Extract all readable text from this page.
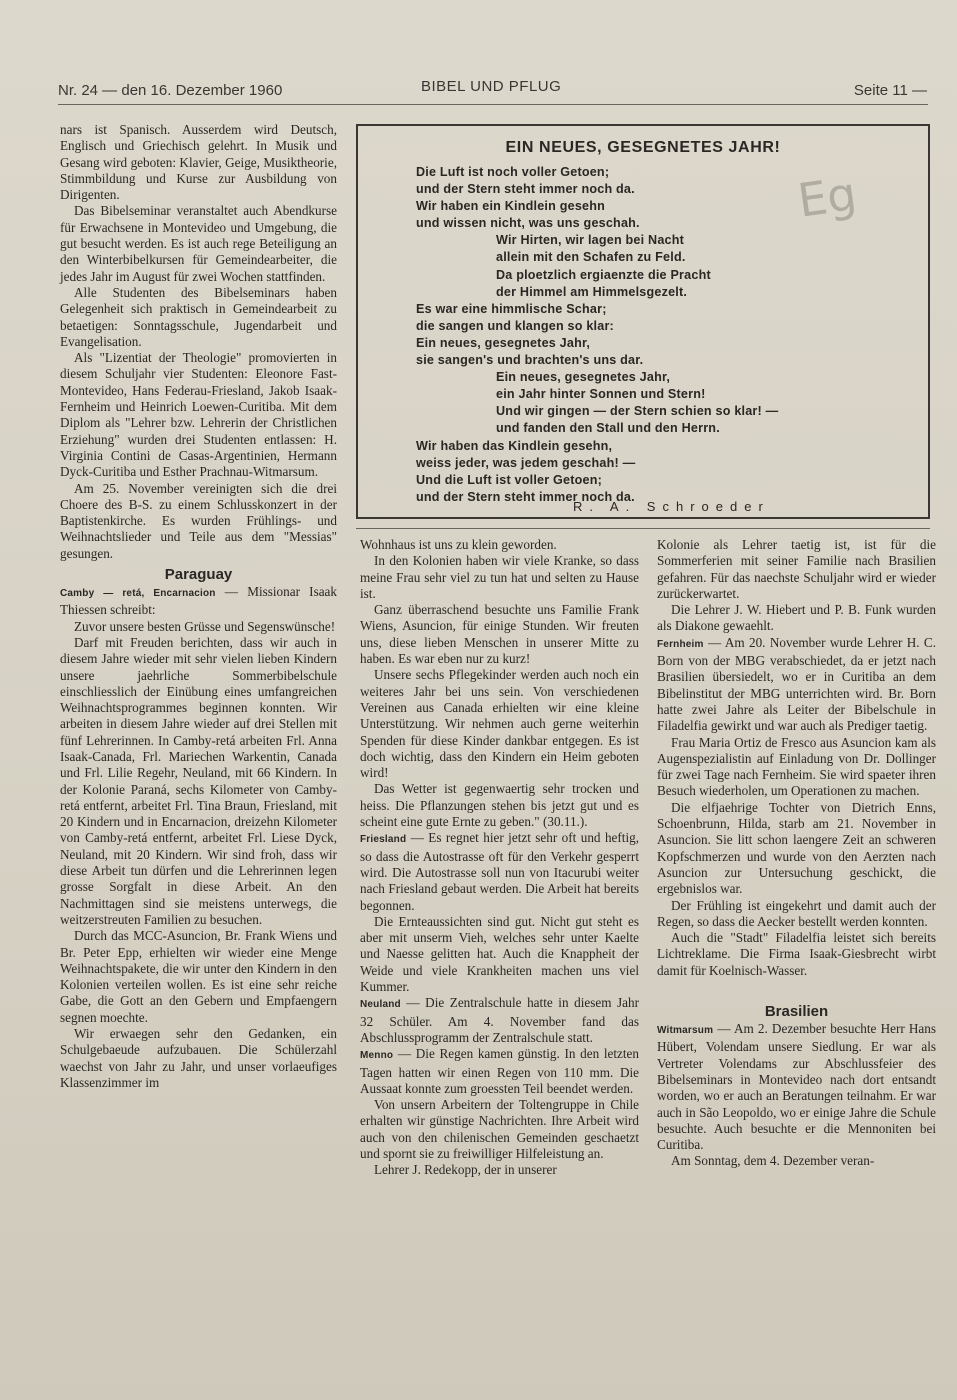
Nr. 24 — den 16. Dezember 1960	BIBEL UND PFLUG	Seite 11 —

nars ist Spanisch. Ausserdem wird Deutsch, Englisch und Griechisch gelehrt. In Musik und Gesang wird geboten: Klavier, Geige, Musiktheorie, Stimmbildung und Kurse zur Ausbildung von Dirigenten.

Das Bibelseminar veranstaltet auch Abendkurse für Erwachsene in Montevideo und Umgebung, die gut besucht werden. Es ist auch rege Beteiligung an den Winterbibelkursen für Gemeindearbeiter, die jedes Jahr im August für zwei Wochen stattfinden.

Alle Studenten des Bibelseminars haben Gelegenheit sich praktisch in Gemeindearbeit zu betaetigen: Sonntagsschule, Jugendarbeit und Evangelisation.

Als "Lizentiat der Theologie" promovierten in diesem Schuljahr vier Studenten: Eleonore Fast-Montevideo, Hans Federau-Friesland, Jakob Isaak-Fernheim und Heinrich Loewen-Curitiba. Mit dem Diplom als "Lehrer bzw. Lehrerin der Christlichen Erziehung" wurden drei Studenten entlassen: H. Virginia Contini de Casas-Argentinien, Hermann Dyck-Curitiba und Esther Prachnau-Witmarsum.

Am 25. November vereinigten sich die drei Choere des B-S. zu einem Schlusskonzert in der Baptistenkirche. Es wurden Frühlings- und Weihnachtslieder und Teile aus dem "Messias" gesungen.

Paraguay

Camby — retá, Encarnacion — Missionar Isaak Thiessen schreibt:

Zuvor unsere besten Grüsse und Segenswünsche!

Darf mit Freuden berichten, dass wir auch in diesem Jahre wieder mit sehr vielen lieben Kindern unsere jaehrliche Sommerbibelschule einschliesslich der Einübung eines umfangreichen Weihnachtsprogrammes beginnen konnten. Wir arbeiten in diesem Jahre wieder auf drei Stellen mit fünf Lehrerinnen. In Camby-retá arbeiten Frl. Anna Isaak-Canada, Frl. Mariechen Warkentin, Canada und Frl. Lilie Regehr, Neuland, mit 66 Kindern. In der Kolonie Paraná, sechs Kilometer von Camby-retá entfernt, arbeitet Frl. Tina Braun, Friesland, mit 20 Kindern und in Encarnacion, dreizehn Kilometer von Camby-retá entfernt, arbeitet Frl. Liese Dyck, Neuland, mit 20 Kindern. Wir sind froh, dass wir diese Arbeit tun dürfen und die Lehrerinnen legen grosse Sorgfalt in diese Arbeit. An den Nachmittagen sind sie meistens unterwegs, die weitzerstreuten Familien zu besuchen.

Durch das MCC-Asuncion, Br. Frank Wiens und Br. Peter Epp, erhielten wir wieder eine Menge Weihnachtspakete, die wir unter den Kindern in den Kolonien verteilen wollen. Es ist eine sehr reiche Gabe, die Gott an den Gebern und Empfaengern segnen moechte.

Wir erwaegen sehr den Gedanken, ein Schulgebaeude aufzubauen. Die Schülerzahl waechst von Jahr zu Jahr, und unser vorlaeufiges Klassenzimmer im

EIN NEUES, GESEGNETES JAHR!
Eg
Die Luft ist noch voller Getoen;
und der Stern steht immer noch da.
Wir haben ein Kindlein gesehn
und wissen nicht, was uns geschah.
Wir Hirten, wir lagen bei Nacht
allein mit den Schafen zu Feld.
Da ploetzlich ergiaenzte die Pracht
der Himmel am Himmelsgezelt.
Es war eine himmlische Schar;
die sangen und klangen so klar:
Ein neues, gesegnetes Jahr,
sie sangen's und brachten's uns dar.
Ein neues, gesegnetes Jahr,
ein Jahr hinter Sonnen und Stern!
Und wir gingen — der Stern schien so klar! —
und fanden den Stall und den Herrn.
Wir haben das Kindlein gesehn,
weiss jeder, was jedem geschah! —
Und die Luft ist voller Getoen;
und der Stern steht immer noch da.
R. A. Schroeder

Wohnhaus ist uns zu klein geworden.

In den Kolonien haben wir viele Kranke, so dass meine Frau sehr viel zu tun hat und selten zu Hause ist.

Ganz überraschend besuchte uns Familie Frank Wiens, Asuncion, für einige Stunden. Wir freuten uns, diese lieben Menschen in unserer Mitte zu haben. Es war eben nur zu kurz!

Unsere sechs Pflegekinder werden auch noch ein weiteres Jahr bei uns sein. Von verschiedenen Vereinen aus Canada erhielten wir eine kleine Unterstützung. Wir nehmen auch gerne weiterhin Spenden für diese Kinder dankbar entgegen. Es ist doch wichtig, dass den Kindern ein Heim geboten wird!

Das Wetter ist gegenwaertig sehr trocken und heiss. Die Pflanzungen stehen bis jetzt gut und es scheint eine gute Ernte zu geben." (30.11.).

Friesland — Es regnet hier jetzt sehr oft und heftig, so dass die Autostrasse oft für den Verkehr gesperrt wird. Die Autostrasse soll nun von Itacurubi weiter nach Friesland gebaut werden. Die Arbeit hat bereits begonnen.

Die Ernteaussichten sind gut. Nicht gut steht es aber mit unserm Vieh, welches sehr unter Kaelte und Naesse gelitten hat. Auch die Knappheit der Weide und viele Krankheiten machen uns viel Kummer.

Neuland — Die Zentralschule hatte in diesem Jahr 32 Schüler. Am 4. November fand das Abschlussprogramm der Zentralschule statt.

Menno — Die Regen kamen günstig. In den letzten Tagen hatten wir einen Regen von 110 mm. Die Aussaat konnte zum groessten Teil beendet werden.

Von unsern Arbeitern der Toltengruppe in Chile erhalten wir günstige Nachrichten. Ihre Arbeit wird auch von den chilenischen Gemeinden geschaetzt und spornt sie zu freiwilliger Hilfeleistung an.

Lehrer J. Redekopp, der in unserer

Kolonie als Lehrer taetig ist, ist für die Sommerferien mit seiner Familie nach Brasilien gefahren. Für das naechste Schuljahr wird er wieder zurückerwartet.

Die Lehrer J. W. Hiebert und P. B. Funk wurden als Diakone gewaehlt.

Fernheim — Am 20. November wurde Lehrer H. C. Born von der MBG verabschiedet, da er jetzt nach Brasilien übersiedelt, wo er in Curitiba an dem Bibelinstitut der MBG unterrichten wird. Br. Born hatte zwei Jahre als Leiter der Bibelschule in Filadelfia gewirkt und war auch als Prediger taetig.

Frau Maria Ortiz de Fresco aus Asuncion kam als Augenspezialistin auf Einladung von Dr. Dollinger für zwei Tage nach Fernheim. Sie wird spaeter ihren Besuch wiederholen, um Operationen zu machen.

Die elfjaehrige Tochter von Dietrich Enns, Schoenbrunn, Hilda, starb am 21. November in Asuncion. Sie litt schon laengere Zeit an schweren Kopfschmerzen und wurde von den Aerzten nach Asuncion zur Untersuchung geschickt, die ergebnislos war.

Der Frühling ist eingekehrt und damit auch der Regen, so dass die Aecker bestellt werden konnten.

Auch die "Stadt" Filadelfia leistet sich bereits Lichtreklame. Die Firma Isaak-Giesbrecht wirbt damit für Koelnisch-Wasser.

Brasilien

Witmarsum — Am 2. Dezember besuchte Herr Hans Hübert, Volendam unsere Siedlung. Er war als Vertreter Volendams zur Abschlussfeier des Bibelseminars in Montevideo nach dort entsandt worden, wo er auch an Beratungen teilnahm. Er war auch in São Leopoldo, wo er einige Jahre die Schule besuchte. Auch besuchte er die Mennoniten bei Curitiba.

Am Sonntag, dem 4. Dezember veran-
